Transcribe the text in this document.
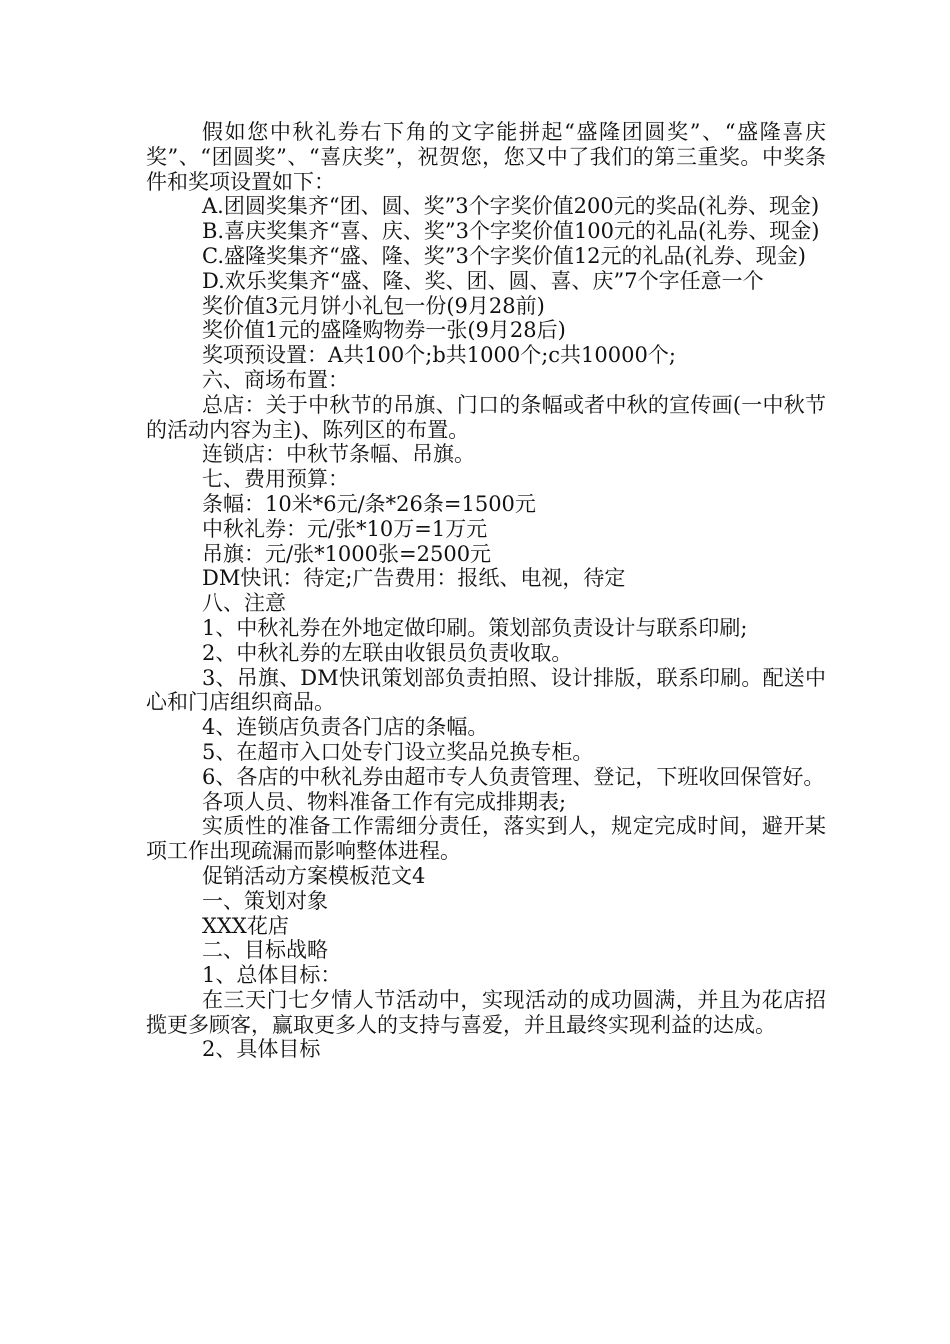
假如您中秋礼券右下角的文字能拼起“盛隆团圆奖”、“盛隆喜庆奖”、“团圆奖”、“喜庆奖”，祝贺您，您又中了我们的第三重奖。中奖条件和奖项设置如下：

A.团圆奖集齐“团、圆、奖”3个字奖价值200元的奖品(礼券、现金)

B.喜庆奖集齐“喜、庆、奖”3个字奖价值100元的礼品(礼券、现金)

C.盛隆奖集齐“盛、隆、奖”3个字奖价值12元的礼品(礼券、现金)

D.欢乐奖集齐“盛、隆、奖、团、圆、喜、庆”7个字任意一个

奖价值3元月饼小礼包一份(9月28前)

奖价值1元的盛隆购物券一张(9月28后)

奖项预设置：A共100个;b共1000个;c共10000个;

六、商场布置：

总店：关于中秋节的吊旗、门口的条幅或者中秋的宣传画(一中秋节的活动内容为主)、陈列区的布置。

连锁店：中秋节条幅、吊旗。

七、费用预算：

条幅：10米*6元/条*26条=1500元

中秋礼券：元/张*10万=1万元

吊旗：元/张*1000张=2500元

DM快讯：待定;广告费用：报纸、电视，待定

八、注意

1、中秋礼券在外地定做印刷。策划部负责设计与联系印刷;

2、中秋礼券的左联由收银员负责收取。

3、吊旗、DM快讯策划部负责拍照、设计排版，联系印刷。配送中心和门店组织商品。

4、连锁店负责各门店的条幅。

5、在超市入口处专门设立奖品兑换专柜。

6、各店的中秋礼券由超市专人负责管理、登记，下班收回保管好。

各项人员、物料准备工作有完成排期表;

实质性的准备工作需细分责任，落实到人，规定完成时间，避开某项工作出现疏漏而影响整体进程。

促销活动方案模板范文4

一、策划对象

XXX花店

二、目标战略

1、总体目标：

在三天门七夕情人节活动中，实现活动的成功圆满，并且为花店招揽更多顾客，赢取更多人的支持与喜爱，并且最终实现利益的达成。

2、具体目标
